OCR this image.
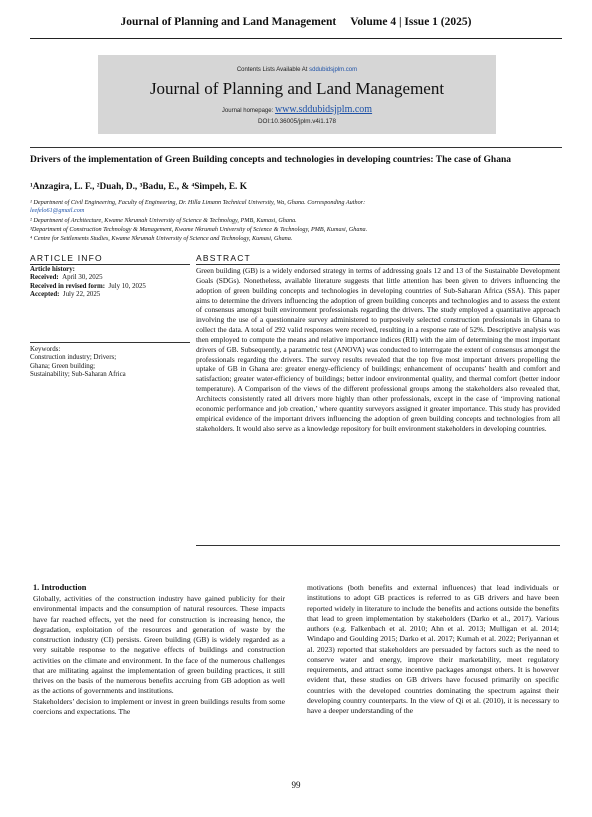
Journal of Planning and Land Management Volume 4 | Issue 1 (2025)
Contents Lists Available At sddubidsjplm.com
Journal of Planning and Land Management
Journal homepage: www.sddubidsjplm.com
DOI:10.36005/jplm.v4i1.178
Drivers of the implementation of Green Building concepts and technologies in developing countries: The case of Ghana
¹Anzagira, L. F., ²Duah, D., ³Badu, E., & ⁴Simpeh, E. K
¹ Department of Civil Engineering, Faculty of Engineering, Dr. Hilla Limann Technical University, Wa, Ghana. Corresponding Author:
leefelo61@gmail.com
² Department of Architecture, Kwame Nkrumah University of Science & Technology, PMB, Kumasi, Ghana.
³Department of Construction Technology & Management, Kwame Nkrumah University of Science & Technology, PMB, Kumasi, Ghana.
⁴ Centre for Settlements Studies, Kwame Nkrumah University of Science and Technology, Kumasi, Ghana.
ARTICLE INFO
Article history:
Received: April 30, 2025
Received in revised form: July 10, 2025
Accepted: July 22, 2025
Keywords:
Construction industry; Drivers;
Ghana; Green building;
Sustainability; Sub-Saharan Africa
ABSTRACT
Green building (GB) is a widely endorsed strategy in terms of addressing goals 12 and 13 of the Sustainable Development Goals (SDGs). Nonetheless, available literature suggests that little attention has been given to drivers influencing the adoption of green building concepts and technologies in developing countries of Sub-Saharan Africa (SSA). This paper aims to determine the drivers influencing the adoption of green building concepts and technologies and to assess the extent of consensus amongst built environment professionals regarding the drivers. The study employed a quantitative approach involving the use of a questionnaire survey administered to purposively selected construction professionals in Ghana to collect the data. A total of 292 valid responses were received, resulting in a response rate of 52%. Descriptive analysis was then employed to compute the means and relative importance indices (RII) with the aim of determining the most important drivers of GB. Subsequently, a parametric test (ANOVA) was conducted to interrogate the extent of consensus amongst the professionals regarding the drivers. The survey results revealed that the top five most important drivers propelling the uptake of GB in Ghana are: greater energy-efficiency of buildings; enhancement of occupants’ health and comfort and satisfaction; greater water-efficiency of buildings; better indoor environmental quality, and thermal comfort (better indoor temperature). A Comparison of the views of the different professional groups among the stakeholders also revealed that, Architects consistently rated all drivers more highly than other professionals, except in the case of ‘improving national economic performance and job creation,’ where quantity surveyors assigned it greater importance. This study has provided empirical evidence of the important drivers influencing the adoption of green building concepts and technologies from all stakeholders. It would also serve as a knowledge repository for built environment stakeholders in developing countries.
1. Introduction
Globally, activities of the construction industry have gained publicity for their environmental impacts and the consumption of natural resources. These impacts have far reached effects, yet the need for construction is increasing hence, the degradation, exploitation of the resources and generation of waste by the construction industry (CI) persists. Green building (GB) is widely regarded as a very suitable response to the negative effects of buildings and construction activities on the climate and environment. In the face of the numerous challenges that are militating against the implementation of green building practices, it still thrives on the basis of the numerous benefits accruing from GB adoption as well as the actions of governments and institutions.
Stakeholders’ decision to implement or invest in green buildings results from some coercions and expectations. The
motivations (both benefits and external influences) that lead individuals or institutions to adopt GB practices is referred to as GB drivers and have been reported widely in literature to include the benefits and actions outside the benefits that lead to green implementation by stakeholders (Darko et al., 2017). Various authors (e.g. Falkenbach et al. 2010; Ahn et al. 2013; Mulligan et al. 2014; Windapo and Goulding 2015; Darko et al. 2017; Kumah et al. 2022; Periyannan et al. 2023) reported that stakeholders are persuaded by factors such as the need to conserve water and energy, improve their marketability, meet regulatory requirements, and attract some incentive packages amongst others. It is however evident that, these studies on GB drivers have focused primarily on specific countries with the developed countries dominating the spectrum against their developing country counterparts. In the view of Qi et al. (2010), it is necessary to have a deeper understanding of the
99
